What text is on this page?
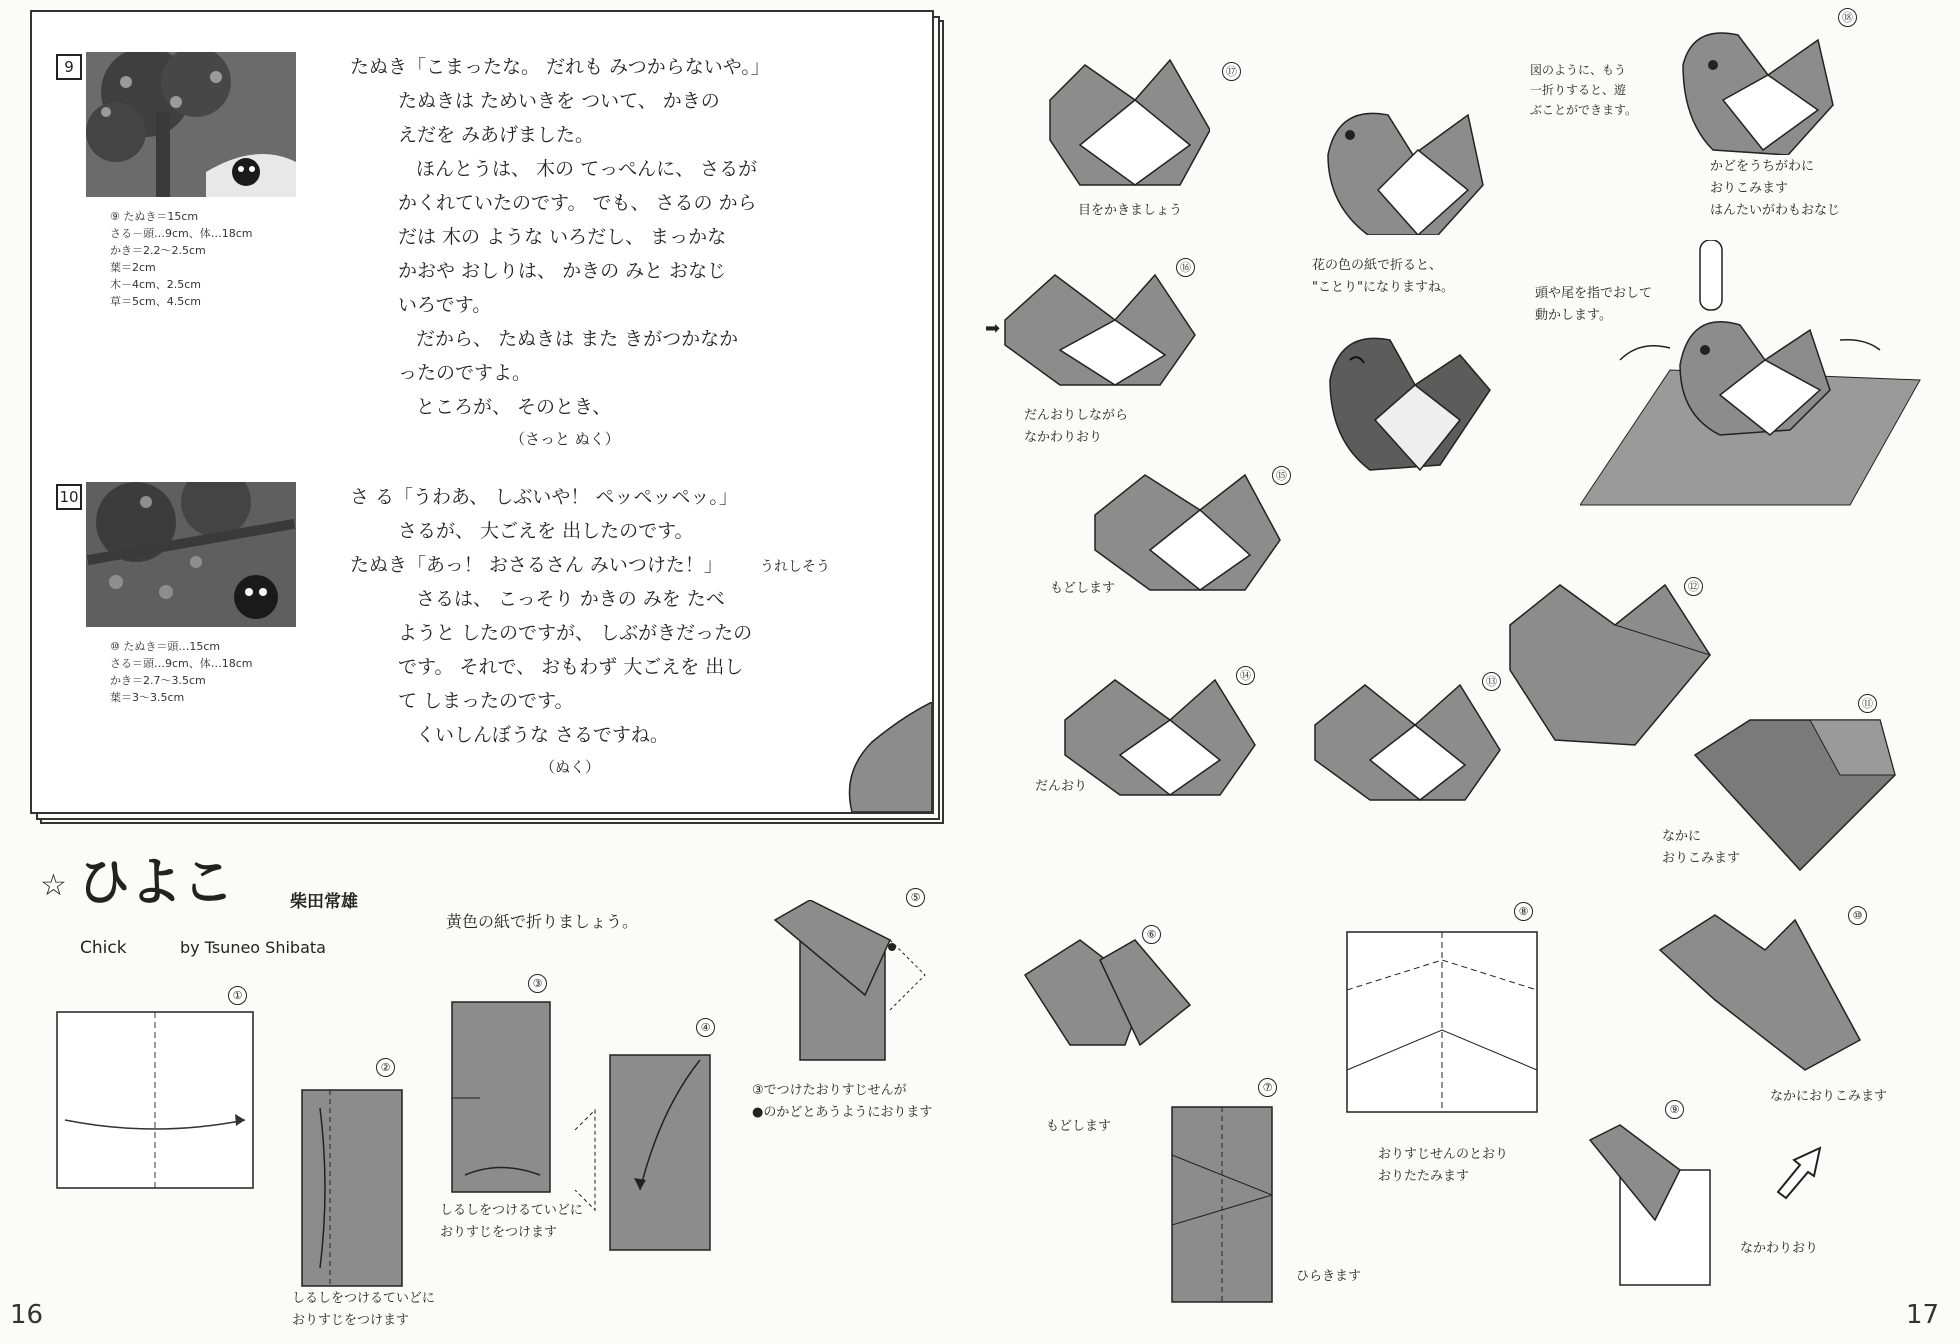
9
⑨ たぬき＝15cm
さる－頭…9cm、体…18cm
かき＝2.2～2.5cm
葉＝2cm
木－4cm、2.5cm
草＝5cm、4.5cm
たぬき「こまったな。 だれも みつからないや。」
たぬきは ためいきを ついて、 かきの
えだを みあげました。
ほんとうは、 木の てっぺんに、 さるが
かくれていたのです。 でも、 さるの から
だは 木の ような いろだし、 まっかな
かおや おしりは、 かきの みと おなじ
いろです。
だから、 たぬきは また きがつかなか
ったのですよ。
ところが、 そのとき、
（さっと ぬく）
10
⑩ たぬき＝頭…15cm
さる＝頭…9cm、体…18cm
かき＝2.7～3.5cm
葉＝3～3.5cm
さ る「うわあ、 しぶいや！ ペッペッペッ。」
さるが、 大ごえを 出したのです。
たぬき「あっ！ おさるさん みいつけた！」	うれしそう
さるは、 こっそり かきの みを たべ
ようと したのですが、 しぶがきだったの
です。 それで、 おもわず 大ごえを 出し
て しまったのです。
くいしんぼうな さるですね。
（ぬく）
☆ ひよこ	柴田常雄
Chick	by Tsuneo Shibata
黄色の紙で折りましょう。
①
②
しるしをつけるていどに
おりすじをつけます
③
しるしをつけるていどに
おりすじをつけます
④
⑤
③でつけたおりすじせんが
●のかどとあうようにおります
16
⑰
目をかきましょう
⑱
図のように、もう
一折りすると、遊
ぶことができます。
かどをうちがわに
おりこみます
はんたいがわもおなじ
花の色の紙で折ると、
"ことり"になりますね。	頭や尾を指でおして
動かします。
➡
⑯
だんおりしながら
なかわりおり
⑮
もどします	⑫
⑪
なかに
おりこみます
⑭
だんおり
⑬
⑥
もどします
⑦
ひらきます
⑧
おりすじせんのとおり
おりたたみます
⑨
なかわりおり
⑩
なかにおりこみます
17
